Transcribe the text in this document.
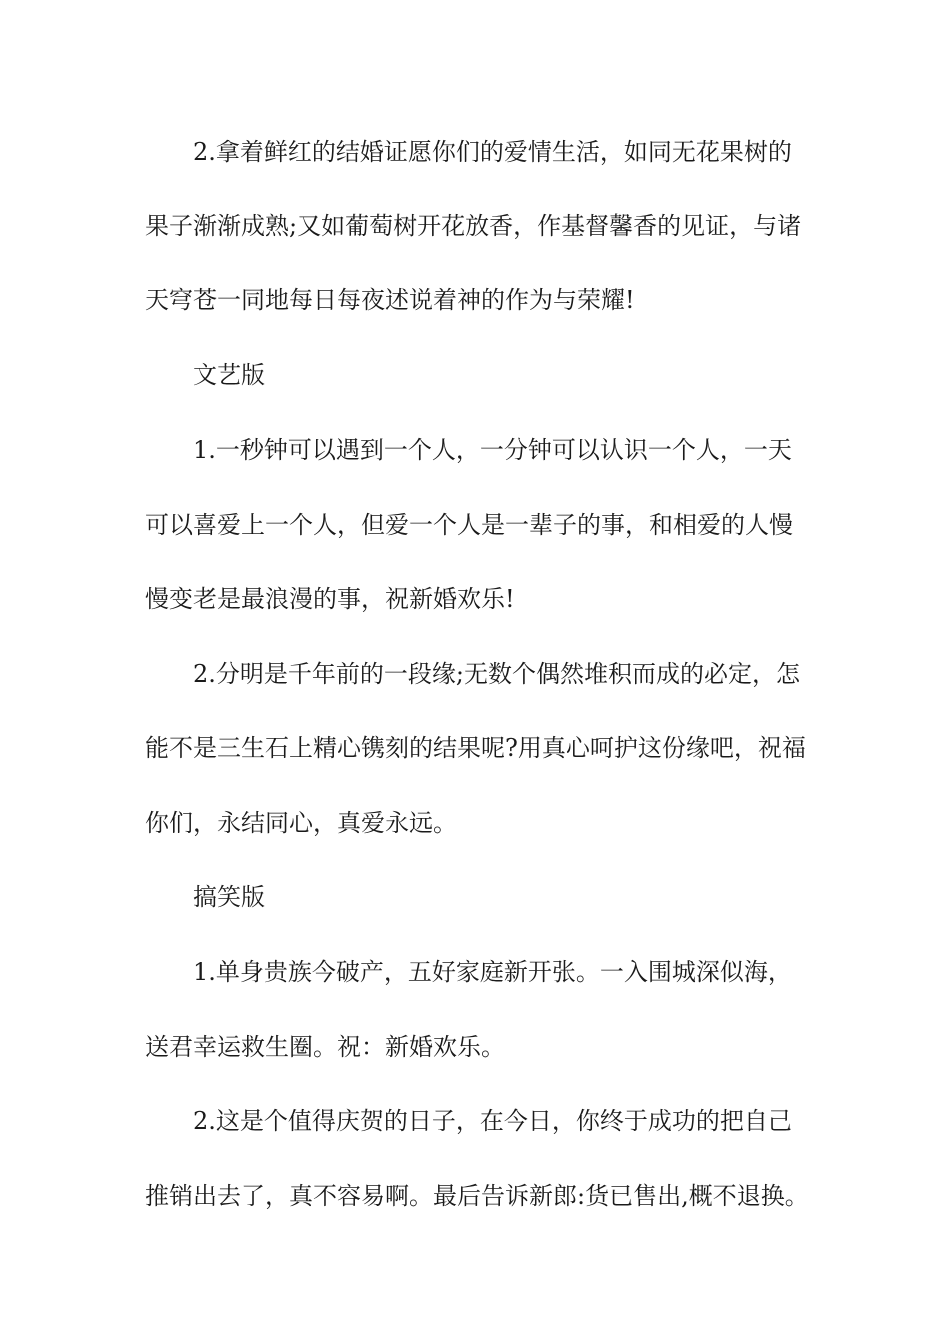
2.拿着鲜红的结婚证愿你们的爱情生活，如同无花果树的
果子渐渐成熟;又如葡萄树开花放香，作基督馨香的见证，与诸
天穹苍一同地每日每夜述说着神的作为与荣耀!
文艺版
1.一秒钟可以遇到一个人，一分钟可以认识一个人，一天
可以喜爱上一个人，但爱一个人是一辈子的事，和相爱的人慢
慢变老是最浪漫的事，祝新婚欢乐!
2.分明是千年前的一段缘;无数个偶然堆积而成的必定，怎
能不是三生石上精心镌刻的结果呢?用真心呵护这份缘吧，祝福
你们，永结同心，真爱永远。
搞笑版
1.单身贵族今破产，五好家庭新开张。一入围城深似海，
送君幸运救生圈。祝：新婚欢乐。
2.这是个值得庆贺的日子，在今日，你终于成功的把自己
推销出去了，真不容易啊。最后告诉新郎:货已售出,概不退换。
